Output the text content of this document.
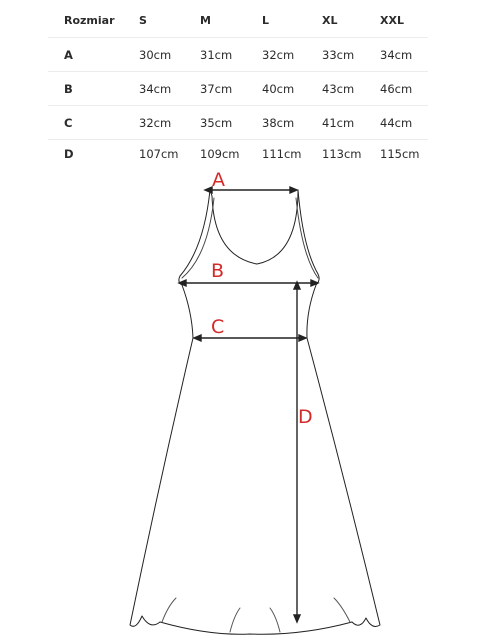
Rozmiar S	M	L	XL	XXL
A	30cm	31cm	32cm 33cm 34cm
B	34cm	37cm	40cm 43cm 46cm
C	32cm	35cm	38cm 41cm 44cm
D	107cm 109cm 111cm 113cm 115cm
A
B
C
D
